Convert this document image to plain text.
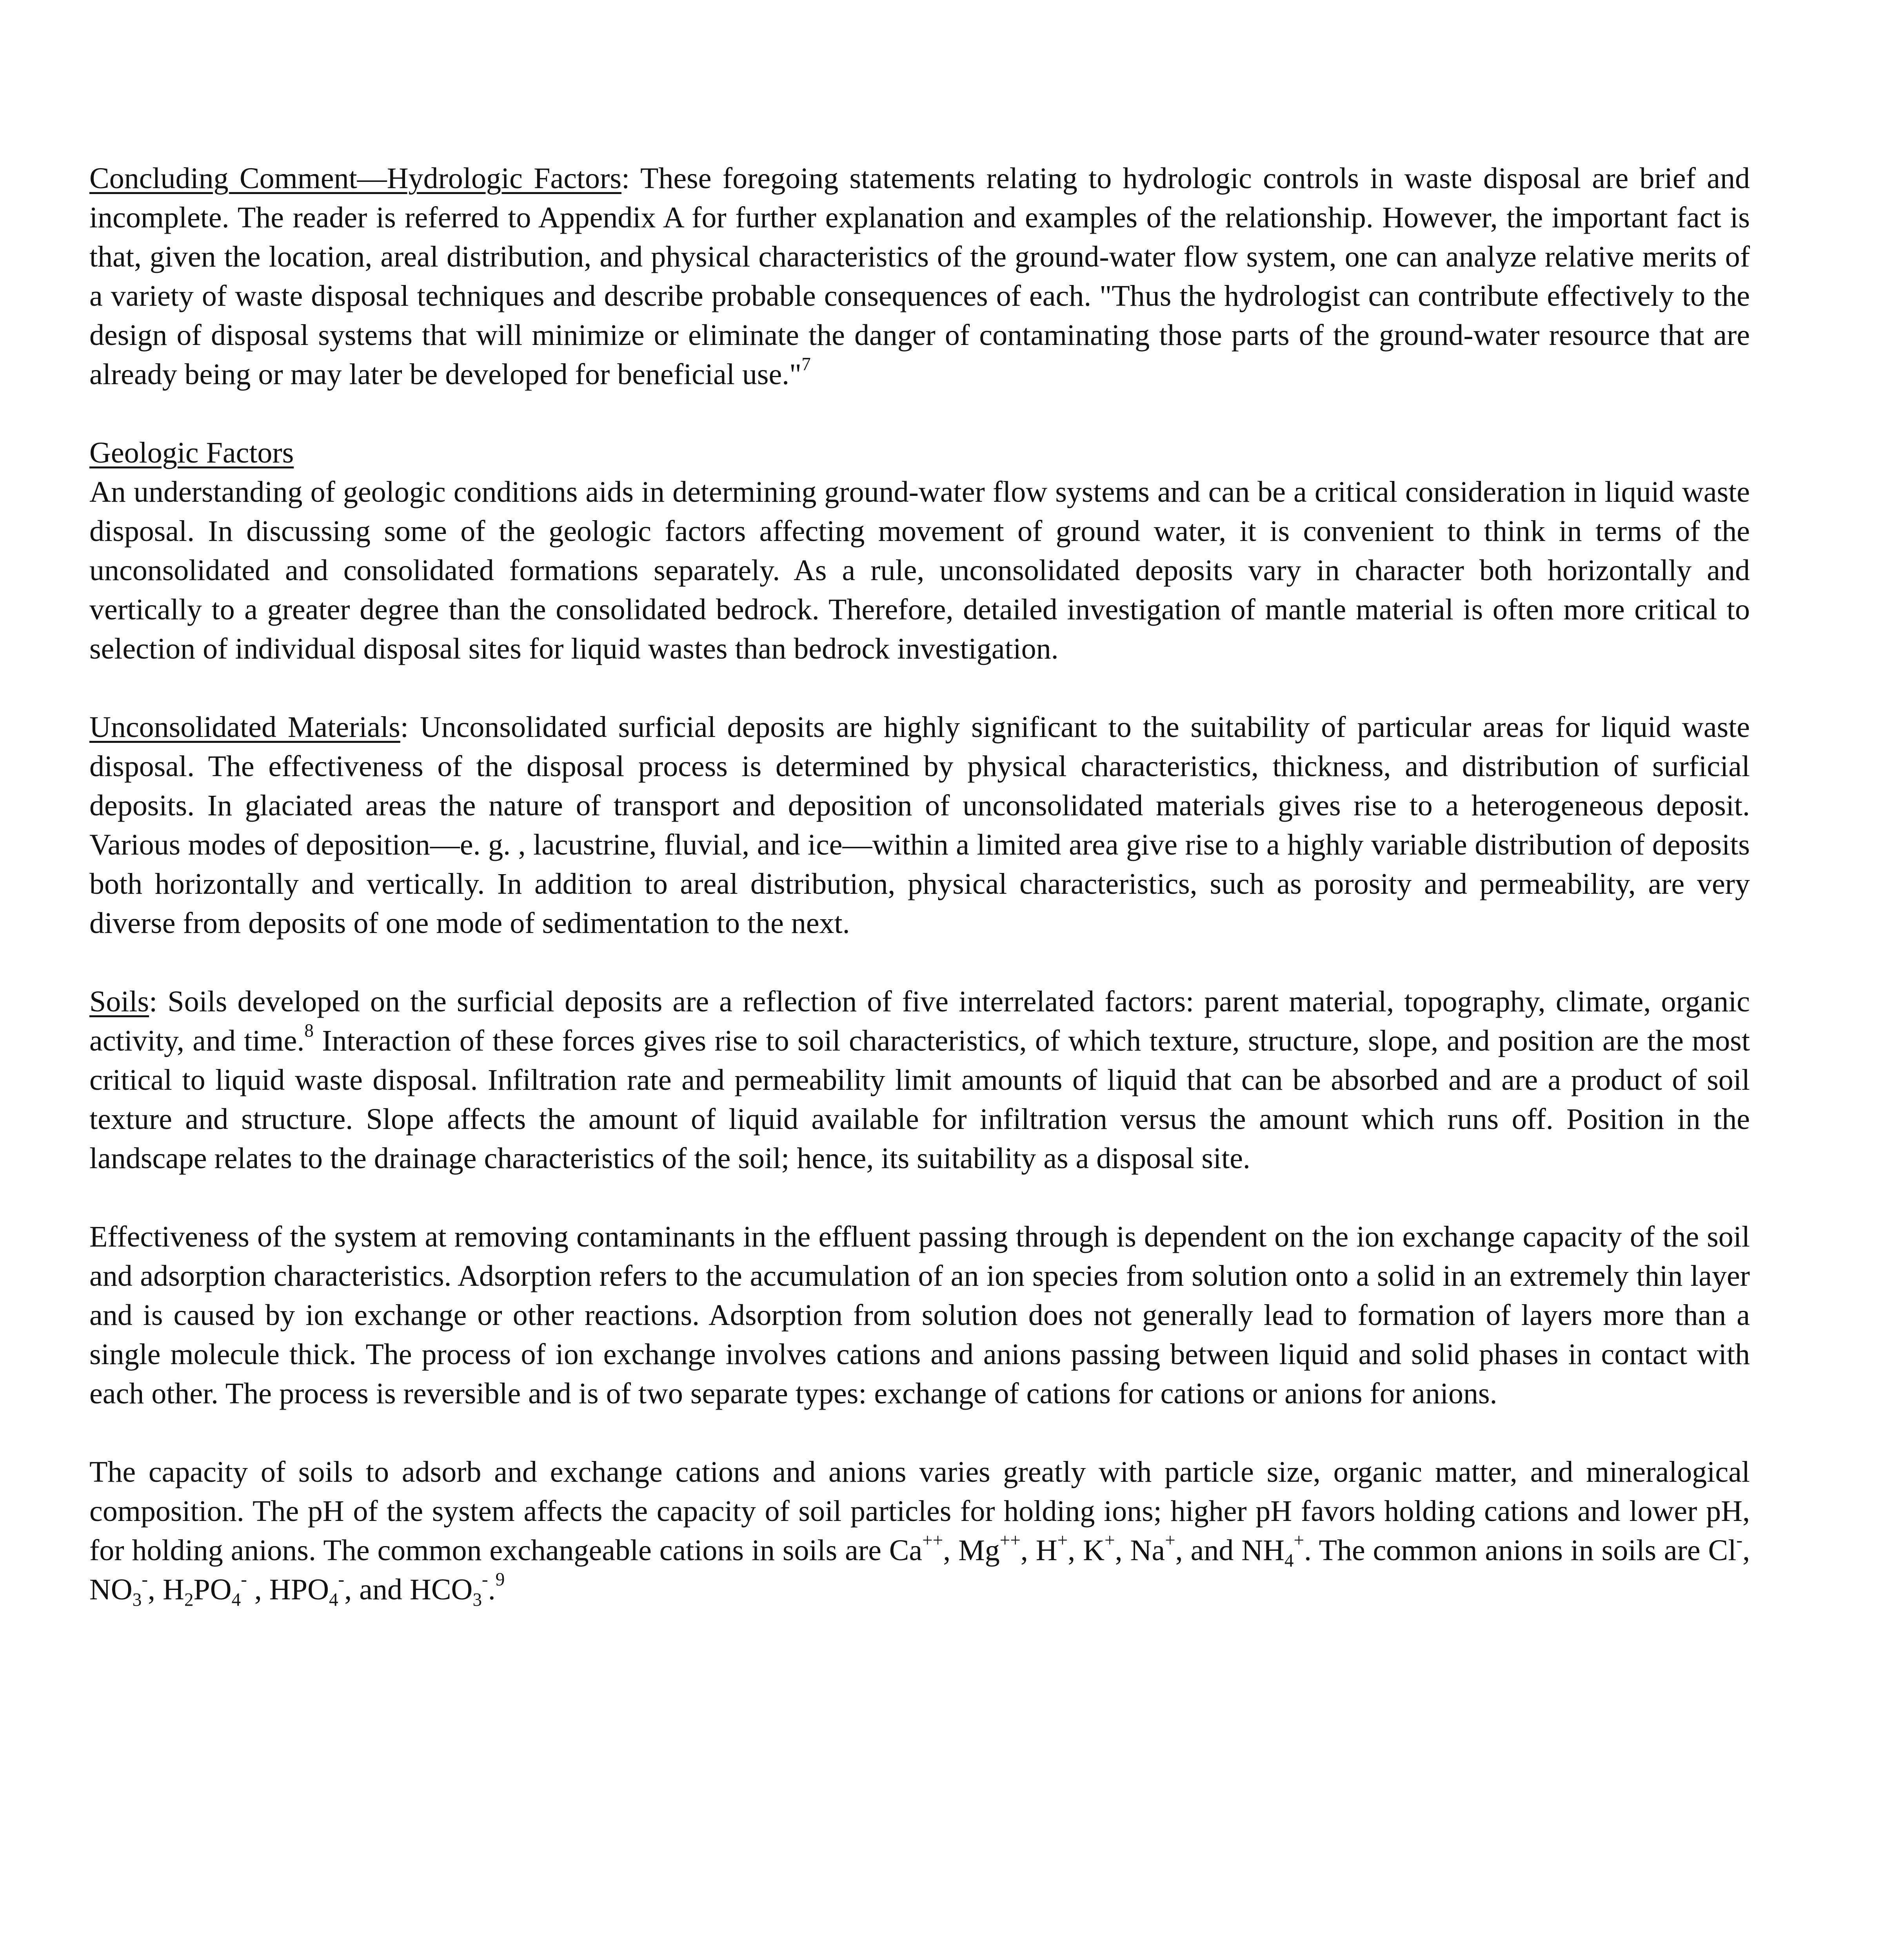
Concluding Comment—Hydrologic Factors: These foregoing statements relating to hydrologic controls in waste disposal are brief and incomplete. The reader is referred to Appendix A for further explanation and examples of the relationship. However, the important fact is that, given the location, areal distribution, and physical characteristics of the ground-water flow system, one can analyze relative merits of a variety of waste disposal techniques and describe probable consequences of each. "Thus the hydrologist can contribute effectively to the design of disposal systems that will minimize or eliminate the danger of contaminating those parts of the ground-water resource that are already being or may later be developed for beneficial use."$^7$

Geologic Factors

An understanding of geologic conditions aids in determining ground-water flow systems and can be a critical consideration in liquid waste disposal. In discussing some of the geologic factors affecting movement of ground water, it is convenient to think in terms of the unconsolidated and consolidated formations separately. As a rule, unconsolidated deposits vary in character both horizontally and vertically to a greater degree than the consolidated bedrock. Therefore, detailed investigation of mantle material is often more critical to selection of individual disposal sites for liquid wastes than bedrock investigation.

Unconsolidated Materials: Unconsolidated surficial deposits are highly significant to the suitability of particular areas for liquid waste disposal. The effectiveness of the disposal process is determined by physical characteristics, thickness, and distribution of surficial deposits. In glaciated areas the nature of transport and deposition of unconsolidated materials gives rise to a heterogeneous deposit. Various modes of deposition—e. g. , lacustrine, fluvial, and ice—within a limited area give rise to a highly variable distribution of deposits both horizontally and vertically. In addition to areal distribution, physical characteristics, such as porosity and permeability, are very diverse from deposits of one mode of sedimentation to the next.

Soils: Soils developed on the surficial deposits are a reflection of five interrelated factors: parent material, topography, climate, organic activity, and time.$^8$ Interaction of these forces gives rise to soil characteristics, of which texture, structure, slope, and position are the most critical to liquid waste disposal. Infiltration rate and permeability limit amounts of liquid that can be absorbed and are a product of soil texture and structure. Slope affects the amount of liquid available for infiltration versus the amount which runs off. Position in the landscape relates to the drainage characteristics of the soil; hence, its suitability as a disposal site.

Effectiveness of the system at removing contaminants in the effluent passing through is dependent on the ion exchange capacity of the soil and adsorption characteristics. Adsorption refers to the accumulation of an ion species from solution onto a solid in an extremely thin layer and is caused by ion exchange or other reactions. Adsorption from solution does not generally lead to formation of layers more than a single molecule thick. The process of ion exchange involves cations and anions passing between liquid and solid phases in contact with each other. The process is reversible and is of two separate types: exchange of cations for cations or anions for anions.

The capacity of soils to adsorb and exchange cations and anions varies greatly with particle size, organic matter, and mineralogical composition. The pH of the system affects the capacity of soil particles for holding ions; higher pH favors holding cations and lower pH, for holding anions. The common exchangeable cations in soils are Ca++, Mg++, H+, K+, Na+, and $NH_4^+$. The common anions in soils are Cl-, $NO_3^-$, $H_2PO_4^-$ , $HPO_4^-$, and $HCO_3^-.^9$
